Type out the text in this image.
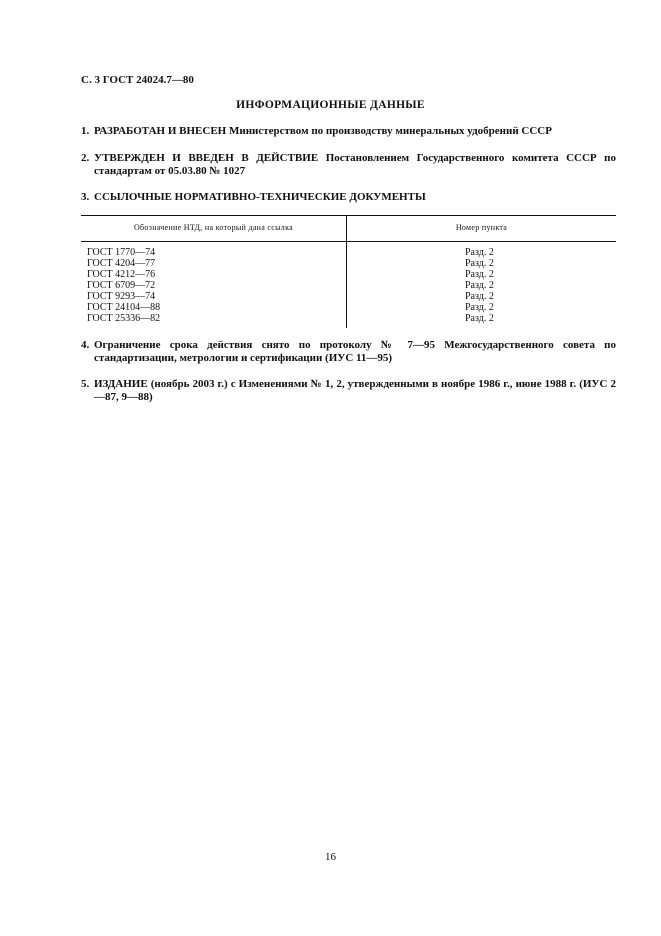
С. 3 ГОСТ 24024.7—80
ИНФОРМАЦИОННЫЕ ДАННЫЕ
1. РАЗРАБОТАН И ВНЕСЕН Министерством по производству минеральных удобрений СССР
2. УТВЕРЖДЕН И ВВЕДЕН В ДЕЙСТВИЕ Постановлением Государственного комитета СССР по стандартам от 05.03.80 № 1027
3. ССЫЛОЧНЫЕ НОРМАТИВНО-ТЕХНИЧЕСКИЕ ДОКУМЕНТЫ
Обозначение НТД, на который дана ссылка	Номер пункта
ГОСТ 1770—74	Разд. 2
ГОСТ 4204—77	Разд. 2
ГОСТ 4212—76	Разд. 2
ГОСТ 6709—72	Разд. 2
ГОСТ 9293—74	Разд. 2
ГОСТ 24104—88	Разд. 2
ГОСТ 25336—82	Разд. 2
4. Ограничение срока действия снято по протоколу № 7—95 Межгосударственного совета по стандартизации, метрологии и сертификации (ИУС 11—95)
5. ИЗДАНИЕ (ноябрь 2003 г.) с Изменениями № 1, 2, утвержденными в ноябре 1986 г., июне 1988 г. (ИУС 2—87, 9—88)
16
